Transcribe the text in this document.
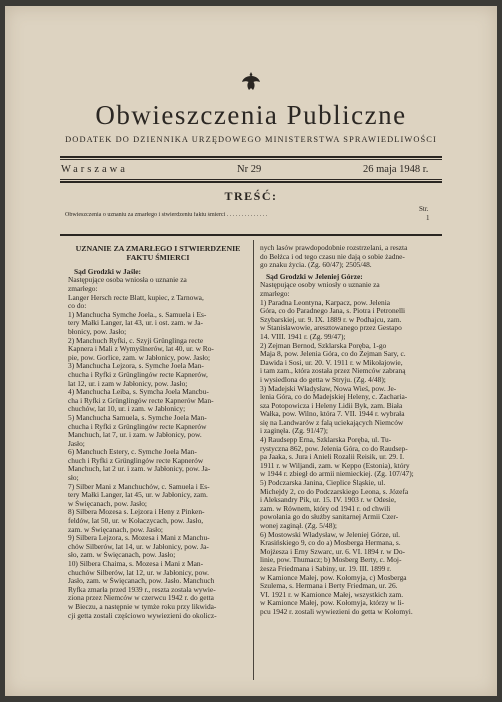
Obwieszczenia Publiczne
DODATEK DO DZIENNIKA URZĘDOWEGO MINISTERSTWA SPRAWIEDLIWOŚCI
Warszawa	Nr 29	26 maja 1948 r.
TREŚĆ:
Str.
Obwieszczenia o uznaniu za zmarłego i stwierdzeniu faktu śmierci . . . . . . . . . . . . . .	1
UZNANIE ZA ZMARŁEGO I STWIERDZENIE
FAKTU ŚMIERCI
Sąd Grodzki w Jaśle:
Następujące osoba wniosła o uznanie za
zmarłego:
Langer Hersch recte Blatt, kupiec, z Tarnowa,
co do:
1) Manchucha Symche Joela., s. Samuela i Es-
tery Małki Langer, lat 43, ur. i ost. zam. w Ja-
błonicy, pow. Jasło;
2) Manchuch Ryfki, c. Szyji Grünglinga recte
Kapnera i Mali z Wymyślnerów, lat 40, ur. w Ro-
pie, pow. Gorlice, zam. w Jabłonicy, pow. Jasło;
3) Manchucha Lejzora, s. Symche Joela Man-
chucha i Ryfki z Grünglingów recte Kapnerów,
lat 12, ur. i zam w Jabłonicy, pow. Jasło;
4) Manchucha Leiba, s. Symcha Joela Mancbu-
cha i Ryfki z Grünglingów recte Kapnerów Man-
chuchów, lat 10, ur. i zam. w Jabłonicy;
5) Manchucha Samuela, s. Symche Joela Man-
chucha i Ryfki z Grünglingów recte Kapnerów
Manchuch, lat 7, ur. i zam. w Jabłonicy, pow.
Jasło;
6) Manchuch Estery, c. Symche Joela Man-
chuch i Ryfki z Grünglingów recte Kapnerów
Manchuch, lat 2 ur. i zam. w Jabłonicy, pow. Ja-
sło;
7) Silber Mani z Manchuchów, c. Samuela i Es-
tery Małki Langer, lat 45, ur. w Jabłonicy, zam.
w Święcanach, pow. Jasło;
8) Silbera Mozesa s. Lejzora i Heny z Pinken-
feldów, lat 50, ur. w Kołaczycach, pow. Jasło,
zam. w Święcanach, pow. Jasło;
9) Silbera Lejzora, s. Mozesa i Mani z Manchu-
chów Silberów, lat 14, ur. w Jabłonicy, pow. Ja-
sło, zam. w Święcanach, pow. Jasło;
10) Silbera Chaima, s. Mozesa i Mani z Man-
chuchów Silberów, lat 12, ur. w Jabłonicy, pow.
Jasło, zam. w Święcanach, pow. Jasło. Manchuch
Ryfka zmarła przed 1939 r., reszta została wywie-
ziona przez Niemców w czerwcu 1942 r. do getta
w Bieczu, a następnie w tymże roku przy likwida-
cji getta zostali częściowo wywiezieni do okolicz-
nych lasów prawdopodobnie rozstrzelani, a reszta
do Bełżca i od tego czasu nie dają o sobie żadne-
go znaku życia. (Zg. 60/47); 2505/48.
Sąd Grodzki w Jeleniej Górze:
Następujące osoby wniosły o uznanie za
zmarłego:
1) Paradna Leontyna, Karpacz, pow. Jelenia
Góra, co do Paradnego Jana, s. Piotra i Petronelli
Szybarskiej, ur. 9. IX. 1889 r. w Podhajcu, zam.
w Stanisławowie, aresztowanego przez Gestapo
14. VIII. 1941 r. (Zg. 99/47);
2) Zejman Bernod, Szklarska Poręba, 1-go
Maja 8, pow. Jelenia Góra, co do Zejman Sary, c.
Dawida i Sosi, ur. 20. V. 1911 r. w Mikołajowie,
i tam zam., która została przez Niemców zabraną
i wysiedlona do getta w Stryju. (Zg. 4/48);
3) Madejski Władysław, Nowa Wieś, pow. Je-
lenia Góra, co do Madejskiej Heleny, c. Zacharia-
sza Potopowicza i Heleny Lidii Byk, zam. Biała
Wałka, pow. Wilno, która 7. VII. 1944 r. wybrała
się na Landwarów z falą uciekających Niemców
i zaginęła. (Zg. 91/47);
4) Raudsepp Erna, Szklarska Poręba, ul. Tu-
rystyczna 862, pow. Jelenia Góra, co do Raudsep-
pa Jaaka, s. Jura i Anieli Rozalii Reisik, ur. 29. I.
1911 r. w Wiljandi, zam. w Keppo (Estonia), który
w 1944 r. zbiegł do armii niemieckiej. (Zg. 107/47);
5) Podczarska Janina, Cieplice Śląskie, ul.
Michejdy 2, co do Podczarskiego Leona, s. Józefa
i Aleksandry Pik, ur. 15. IV. 1903 r. w Odesie,
zam. w Równem, który od 1941 r. od chwili
powołania go do służby sanitarnej Armii Czer-
wonej zaginął. (Zg. 5/48);
6) Mostowski Władysław, w Jeleniej Górze, ul.
Krasińskiego 9, co do a) Mosberga Hermana, s.
Mojżesza i Erny Szwarc, ur. 6. VI. 1894 r. w Do-
linie, pow. Thumacz; b) Mosberg Berty, c. Moj-
żesza Friedmana i Sabiny, ur. 19. III. 1899 r.
w Kamionce Małej, pow. Kołomyja, c) Mosberga
Szulema, s. Hermana i Berty Friedman, ur. 26.
VI. 1921 r. w Kamionce Małej, wszystkich zam.
w Kamionce Małej, pow. Kołomyja, którzy w li-
pcu 1942 r. zostali wywiezieni do getta w Kołomyi.
